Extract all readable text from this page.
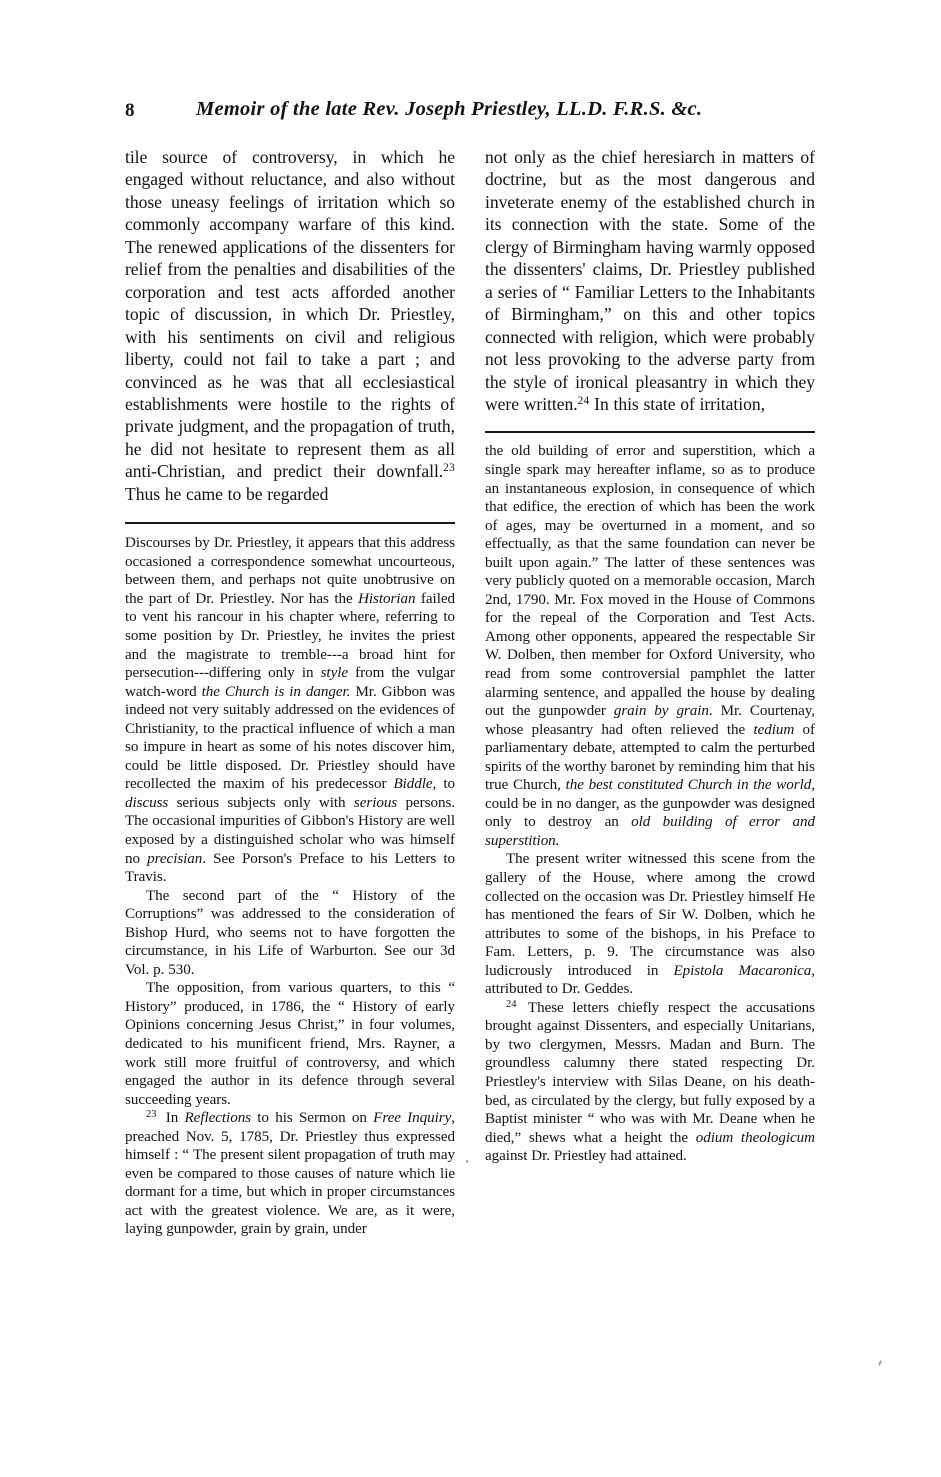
8	Memoir of the late Rev. Joseph Priestley, LL.D. F.R.S. &c.

tile source of controversy, in which he engaged without reluctance, and also without those uneasy feelings of irritation which so commonly accompany warfare of this kind. The renewed applications of the dissenters for relief from the penalties and disabilities of the corporation and test acts afforded another topic of discussion, in which Dr. Priestley, with his sentiments on civil and religious liberty, could not fail to take a part ; and convinced as he was that all ecclesiastical establishments were hostile to the rights of private judgment, and the propagation of truth, he did not hesitate to represent them as all anti-Christian, and predict their downfall.$^{23}$ Thus he came to be regarded

Discourses by Dr. Priestley, it appears that this address occasioned a correspondence somewhat uncourteous, between them, and perhaps not quite unobtrusive on the part of Dr. Priestley. Nor has the Historian failed to vent his rancour in his chapter where, referring to some position by Dr. Priestley, he invites the priest and the magistrate to tremble---a broad hint for persecution---differing only in style from the vulgar watch-word the Church is in danger. Mr. Gibbon was indeed not very suitably addressed on the evidences of Christianity, to the practical influence of which a man so impure in heart as some of his notes discover him, could be little disposed. Dr. Priestley should have recollected the maxim of his predecessor Biddle, to discuss serious subjects only with serious persons. The occasional impurities of Gibbon's History are well exposed by a distinguished scholar who was himself no precisian. See Porson's Preface to his Letters to Travis.

The second part of the “ History of the Corruptions” was addressed to the consideration of Bishop Hurd, who seems not to have forgotten the circumstance, in his Life of Warburton. See our 3d Vol. p. 530.

The opposition, from various quarters, to this “ History” produced, in 1786, the “ History of early Opinions concerning Jesus Christ,” in four volumes, dedicated to his munificent friend, Mrs. Rayner, a work still more fruitful of controversy, and which engaged the author in its defence through several succeeding years.

$^{23}$ In Reflections to his Sermon on Free Inquiry, preached Nov. 5, 1785, Dr. Priestley thus expressed himself : “ The present silent propagation of truth may even be compared to those causes of nature which lie dormant for a time, but which in proper circumstances act with the greatest violence. We are, as it were, laying gunpowder, grain by grain, under

not only as the chief heresiarch in matters of doctrine, but as the most dangerous and inveterate enemy of the established church in its connection with the state. Some of the clergy of Birmingham having warmly opposed the dissenters' claims, Dr. Priestley published a series of “ Familiar Letters to the Inhabitants of Birmingham,” on this and other topics connected with religion, which were probably not less provoking to the adverse party from the style of ironical pleasantry in which they were written.$^{24}$ In this state of irritation,

the old building of error and superstition, which a single spark may hereafter inflame, so as to produce an instantaneous explosion, in consequence of which that edifice, the erection of which has been the work of ages, may be overturned in a moment, and so effectually, as that the same foundation can never be built upon again.” The latter of these sentences was very publicly quoted on a memorable occasion, March 2nd, 1790. Mr. Fox moved in the House of Commons for the repeal of the Corporation and Test Acts. Among other opponents, appeared the respectable Sir W. Dolben, then member for Oxford University, who read from some controversial pamphlet the latter alarming sentence, and appalled the house by dealing out the gunpowder grain by grain. Mr. Courtenay, whose pleasantry had often relieved the tedium of parliamentary debate, attempted to calm the perturbed spirits of the worthy baronet by reminding him that his true Church, the best constituted Church in the world, could be in no danger, as the gunpowder was designed only to destroy an old building of error and superstition.

The present writer witnessed this scene from the gallery of the House, where among the crowd collected on the occasion was Dr. Priestley himself He has mentioned the fears of Sir W. Dolben, which he attributes to some of the bishops, in his Preface to Fam. Letters, p. 9. The circumstance was also ludicrously introduced in Epistola Macaronica, attributed to Dr. Geddes.

$^{24}$ These letters chiefly respect the accusations brought against Dissenters, and especially Unitarians, by two clergymen, Messrs. Madan and Burn. The groundless calumny there stated respecting Dr. Priestley's interview with Silas Deane, on his death-bed, as circulated by the clergy, but fully exposed by a Baptist minister “ who was with Mr. Deane when he died,” shews what a height the odium theologicum against Dr. Priestley had attained.
